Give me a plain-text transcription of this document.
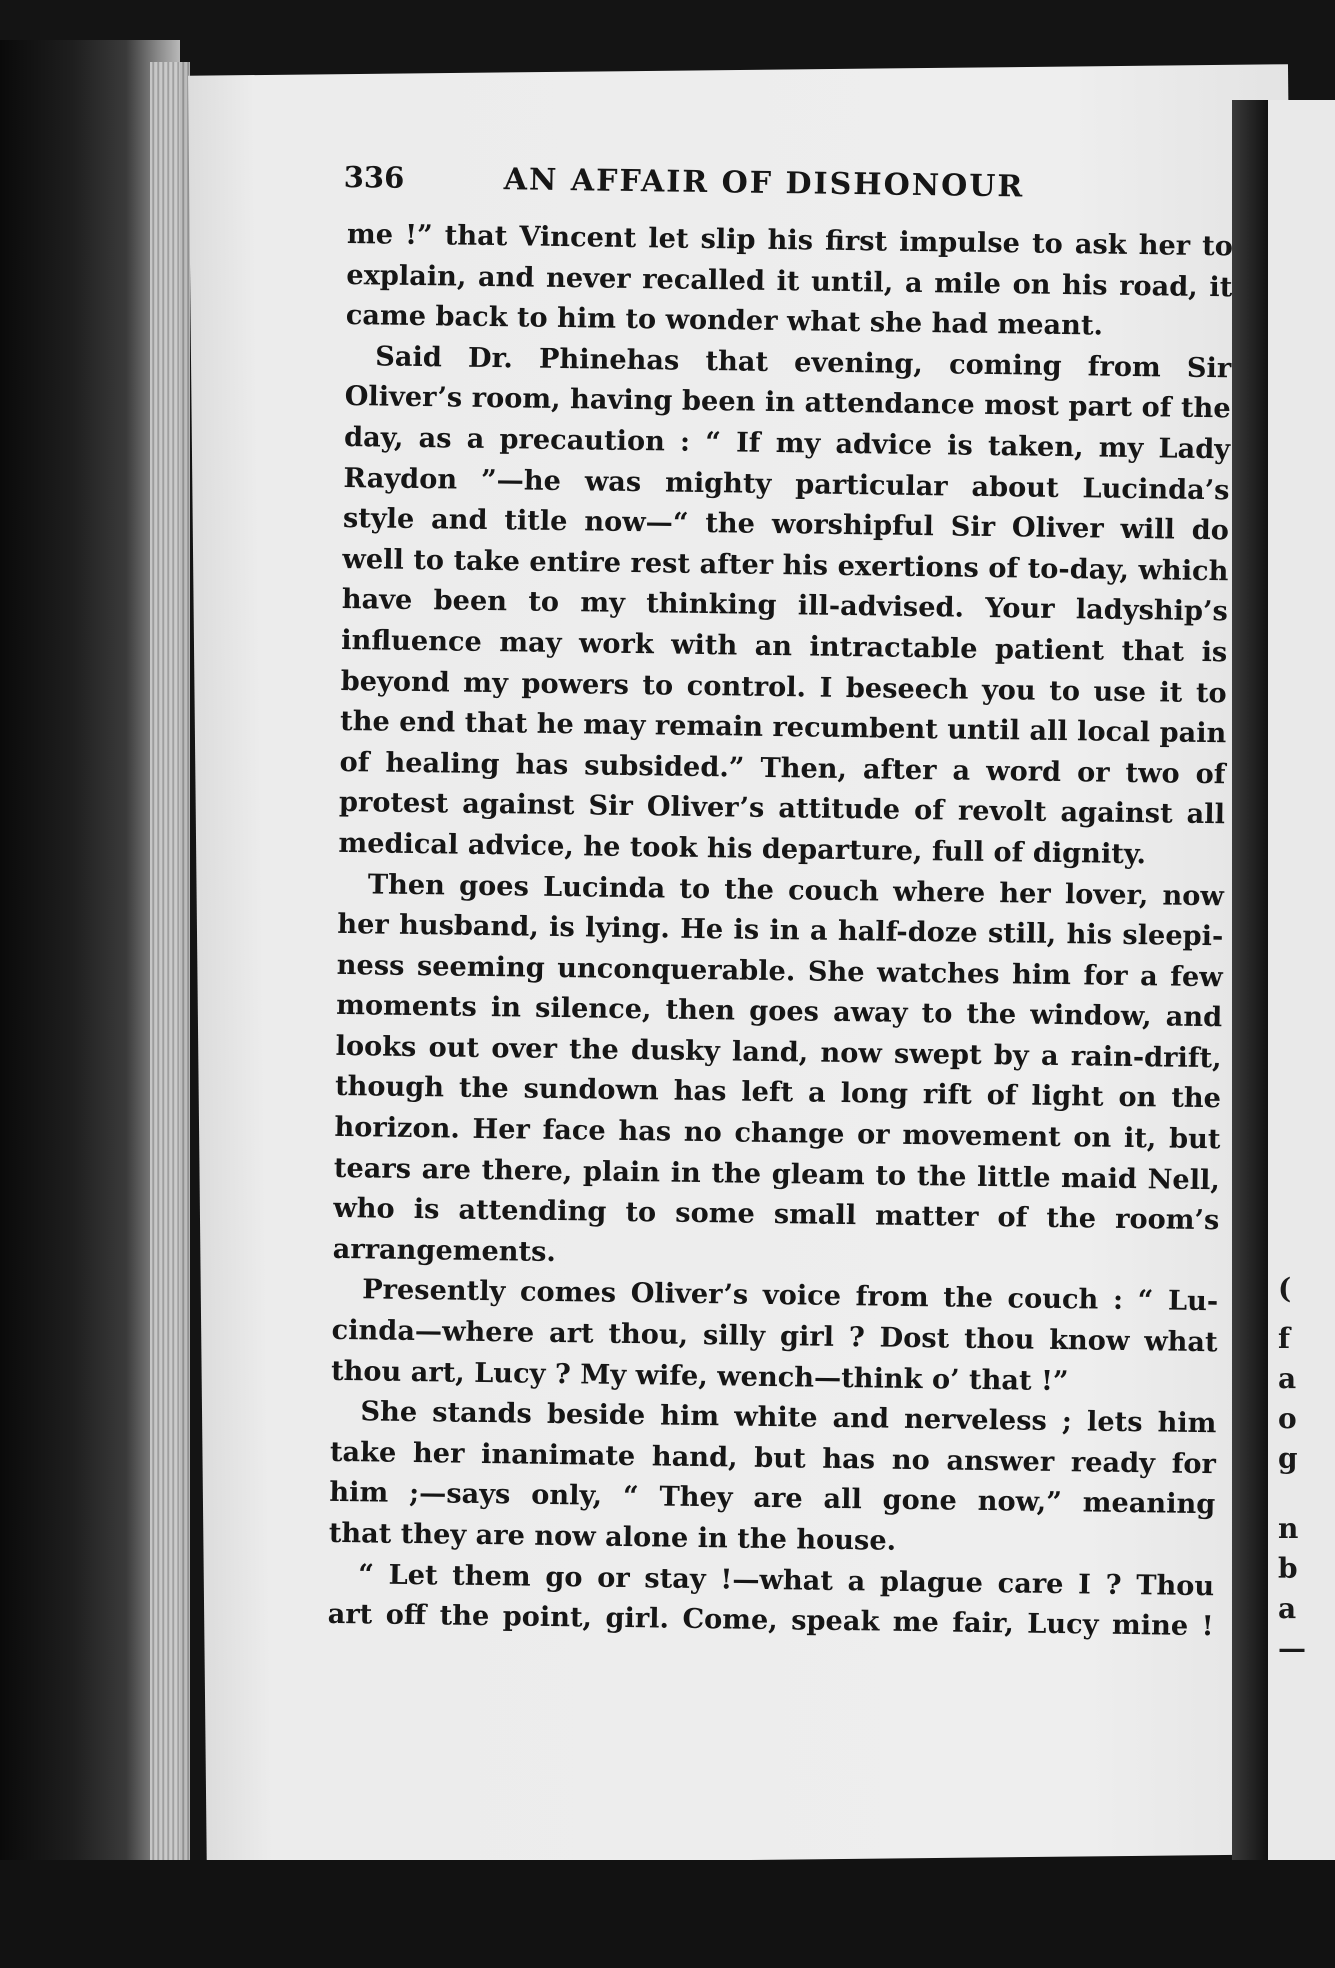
(
f
a
o
g
n
b
a
—
336	AN AFFAIR OF DISHONOUR
me !” that Vincent let slip his first impulse to ask her to
explain, and never recalled it until, a mile on his road, it
came back to him to wonder what she had meant.
Said Dr. Phinehas that evening, coming from Sir
Oliver’s room, having been in attendance most part of the
day, as a precaution : “ If my advice is taken, my Lady
Raydon ”—he was mighty particular about Lucinda’s
style and title now—“ the worshipful Sir Oliver will do
well to take entire rest after his exertions of to-day, which
have been to my thinking ill-advised. Your ladyship’s
influence may work with an intractable patient that is
beyond my powers to control. I beseech you to use it to
the end that he may remain recumbent until all local pain
of healing has subsided.” Then, after a word or two of
protest against Sir Oliver’s attitude of revolt against all
medical advice, he took his departure, full of dignity.
Then goes Lucinda to the couch where her lover, now
her husband, is lying. He is in a half-doze still, his sleepi-
ness seeming unconquerable. She watches him for a few
moments in silence, then goes away to the window, and
looks out over the dusky land, now swept by a rain-drift,
though the sundown has left a long rift of light on the
horizon. Her face has no change or movement on it, but
tears are there, plain in the gleam to the little maid Nell,
who is attending to some small matter of the room’s
arrangements.
Presently comes Oliver’s voice from the couch : “ Lu-
cinda—where art thou, silly girl ? Dost thou know what
thou art, Lucy ? My wife, wench—think o’ that !”
She stands beside him white and nerveless ; lets him
take her inanimate hand, but has no answer ready for
him ;—says only, “ They are all gone now,” meaning
that they are now alone in the house.
“ Let them go or stay !—what a plague care I ? Thou
art off the point, girl. Come, speak me fair, Lucy mine !
